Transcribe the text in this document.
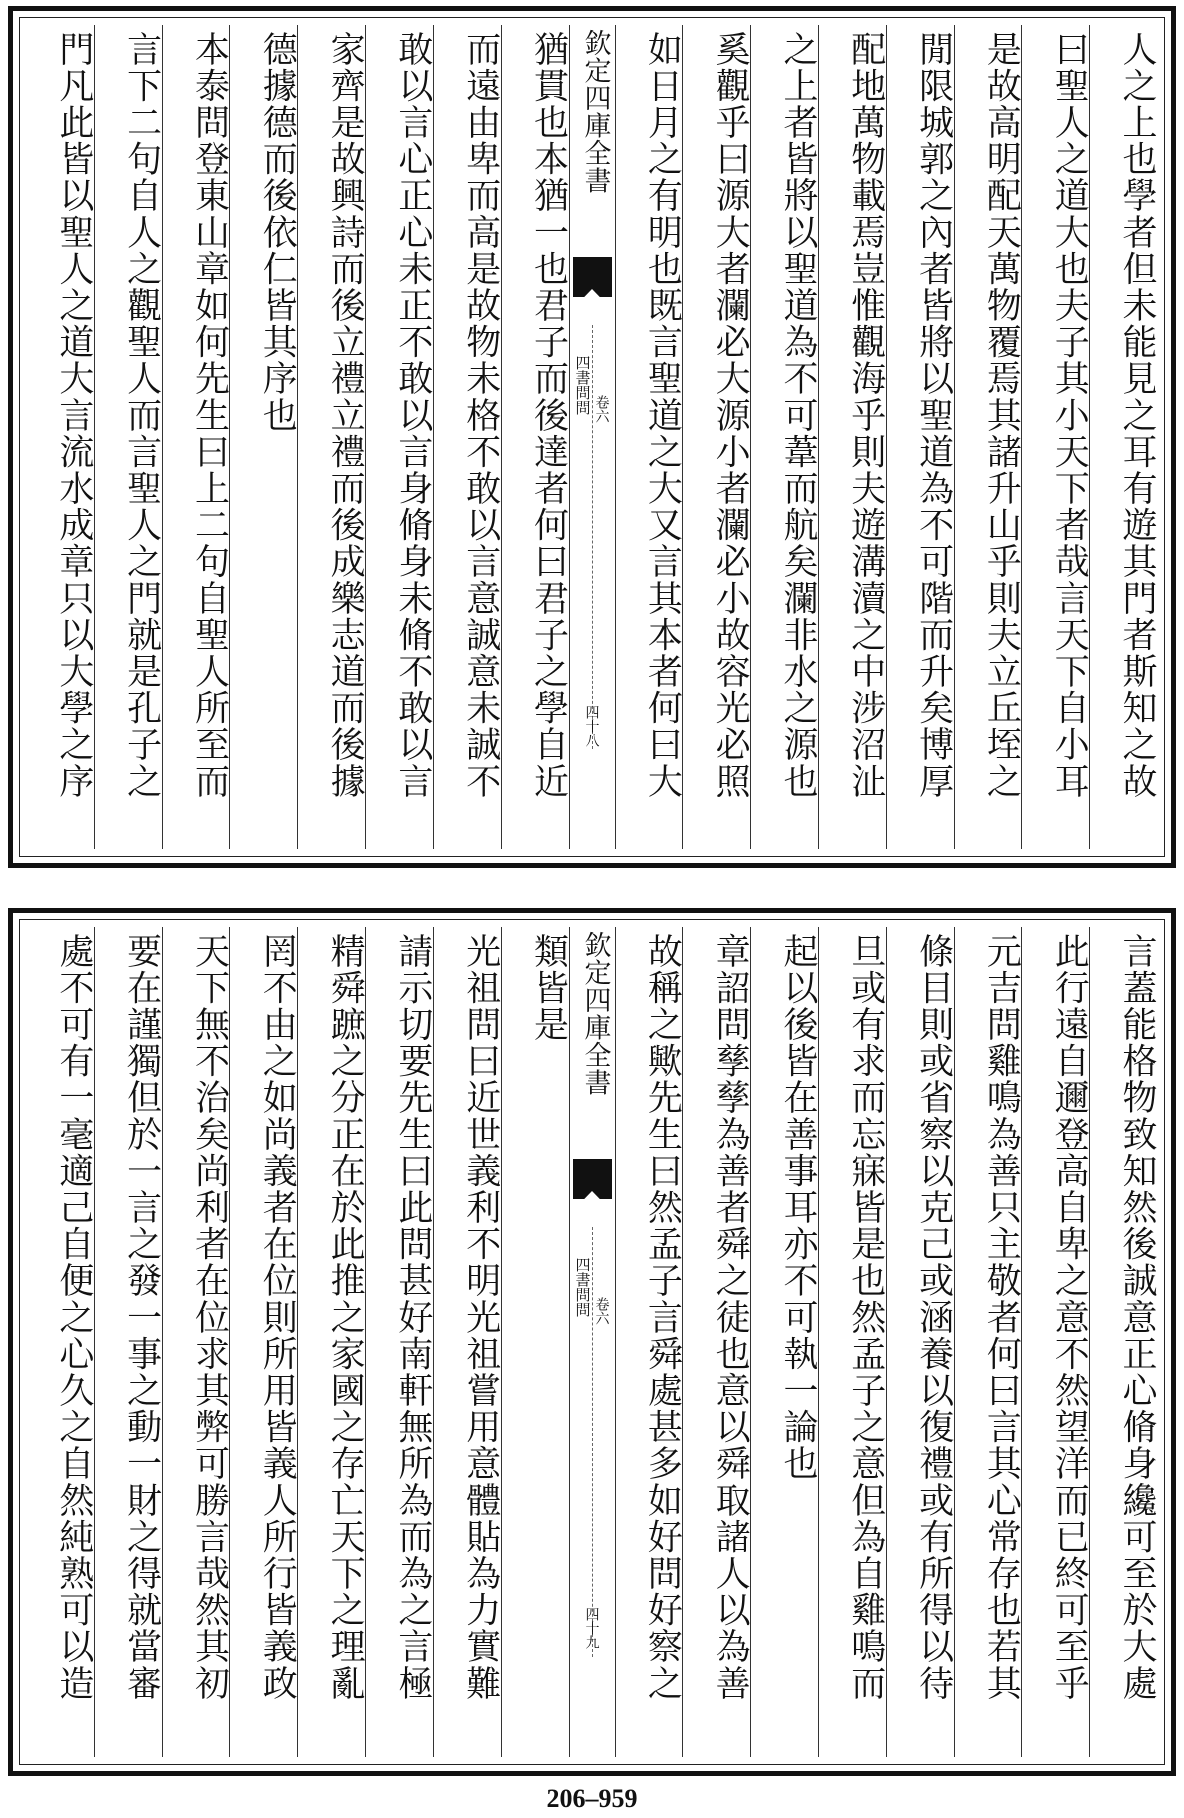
人之上也學者但未能見之耳有遊其門者斯知之故
曰聖人之道大也夫子其小天下者哉言天下自小耳
是故高明配天萬物覆焉其諸升山乎則夫立丘垤之
閒限城郭之內者皆將以聖道為不可階而升矣博厚
配地萬物載焉豈惟觀海乎則夫遊溝瀆之中涉沼沚
之上者皆將以聖道為不可葦而航矣瀾非水之源也
奚觀乎曰源大者瀾必大源小者瀾必小故容光必照
如日月之有明也既言聖道之大又言其本者何曰大
欽定四庫全書
四書問問 卷六
四十八
猶貫也本猶一也君子而後達者何曰君子之學自近
而遠由卑而高是故物未格不敢以言意誠意未誠不
敢以言心正心未正不敢以言身脩身未脩不敢以言
家齊是故興詩而後立禮立禮而後成樂志道而後據
德據德而後依仁皆其序也
本泰問登東山章如何先生曰上二句自聖人所至而
言下二句自人之觀聖人而言聖人之門就是孔子之
門凡此皆以聖人之道大言流水成章只以大學之序
言蓋能格物致知然後誠意正心脩身纔可至於大處
此行遠自邇登高自卑之意不然望洋而已終可至乎
元吉問雞鳴為善只主敬者何曰言其心常存也若其
條目則或省察以克己或涵養以復禮或有所得以待
旦或有求而忘寐皆是也然孟子之意但為自雞鳴而
起以後皆在善事耳亦不可執一論也
章詔問孳孳為善者舜之徒也意以舜取諸人以為善
故稱之歟先生曰然孟子言舜處甚多如好問好察之
欽定四庫全書
四書問問 卷六
四十九
類皆是
光祖問曰近世義利不明光祖嘗用意體貼為力實難
請示切要先生曰此問甚好南軒無所為而為之言極
精舜蹠之分正在於此推之家國之存亡天下之理亂
罔不由之如尚義者在位則所用皆義人所行皆義政
天下無不治矣尚利者在位求其弊可勝言哉然其初
要在謹獨但於一言之發一事之動一財之得就當審
處不可有一毫適己自便之心久之自然純熟可以造
206–959
